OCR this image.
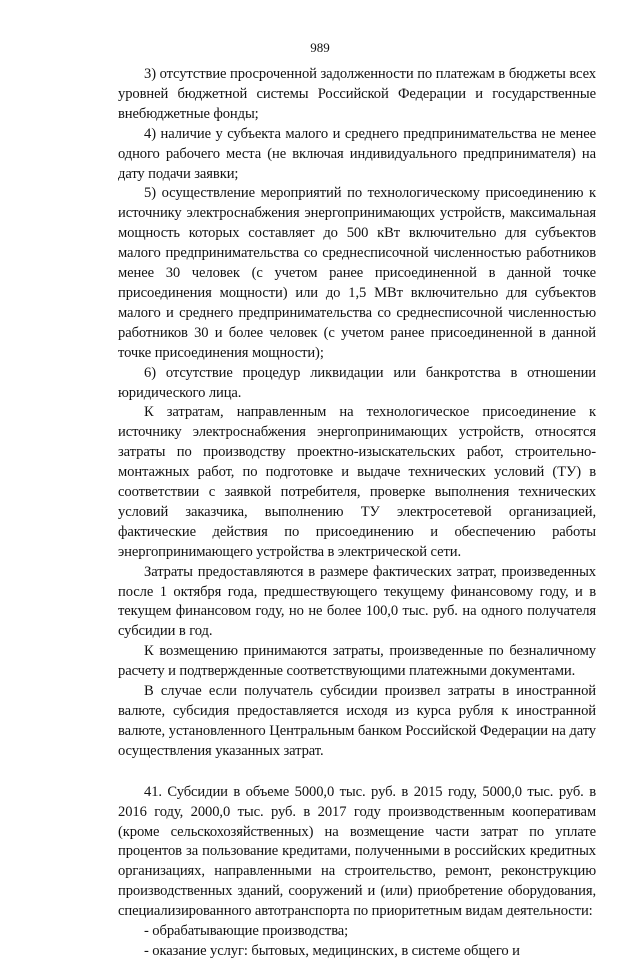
989

3) отсутствие просроченной задолженности по платежам в бюджеты всех уровней бюджетной системы Российской Федерации и государственные внебюджетные фонды;

4) наличие у субъекта малого и среднего предпринимательства не менее одного рабочего места (не включая индивидуального предпринимателя) на дату подачи заявки;

5) осуществление мероприятий по технологическому присоединению к источнику электроснабжения энергопринимающих устройств, максимальная мощность которых составляет до 500 кВт включительно для субъектов малого предпринимательства со среднесписочной численностью работников менее 30 человек (с учетом ранее присоединенной в данной точке присоединения мощности) или до 1,5 МВт включительно для субъектов малого и среднего предпринимательства со среднесписочной численностью работников 30 и более человек (с учетом ранее присоединенной в данной точке присоединения мощности);

6) отсутствие процедур ликвидации или банкротства в отношении юридического лица.

К затратам, направленным на технологическое присоединение к источнику электроснабжения энергопринимающих устройств, относятся затраты по производству проектно-изыскательских работ, строительно-монтажных работ, по подготовке и выдаче технических условий (ТУ) в соответствии с заявкой потребителя, проверке выполнения технических условий заказчика, выполнению ТУ электросетевой организацией, фактические действия по присоединению и обеспечению работы энергопринимающего устройства в электрической сети.

Затраты предоставляются в размере фактических затрат, произведенных после 1 октября года, предшествующего текущему финансовому году, и в текущем финансовом году, но не более 100,0 тыс. руб. на одного получателя субсидии в год.

К возмещению принимаются затраты, произведенные по безналичному расчету и подтвержденные соответствующими платежными документами.

В случае если получатель субсидии произвел затраты в иностранной валюте, субсидия предоставляется исходя из курса рубля к иностранной валюте, установленного Центральным банком Российской Федерации на дату осуществления указанных затрат.

41. Субсидии в объеме 5000,0 тыс. руб. в 2015 году, 5000,0 тыс. руб. в 2016 году, 2000,0 тыс. руб. в 2017 году производственным кооперативам (кроме сельскохозяйственных) на возмещение части затрат по уплате процентов за пользование кредитами, полученными в российских кредитных организациях, направленными на строительство, ремонт, реконструкцию производственных зданий, сооружений и (или) приобретение оборудования, специализированного автотранспорта по приоритетным видам деятельности:

- обрабатывающие производства;

- оказание услуг: бытовых, медицинских, в системе общего и
